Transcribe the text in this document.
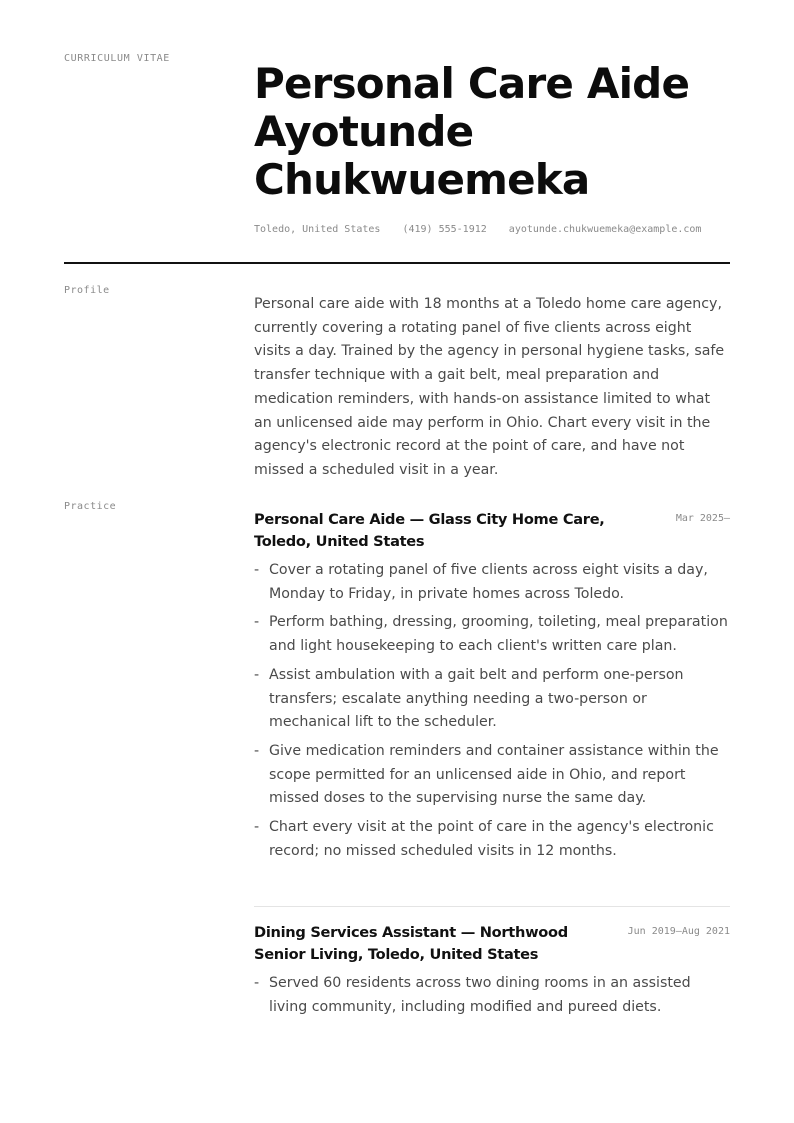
CURRICULUM VITAE
Personal Care Aide
Ayotunde
Chukwuemeka
Toledo, United States (419) 555-1912 ayotunde.chukwuemeka@example.com
Profile

Personal care aide with 18 months at a Toledo home care agency, currently covering a rotating panel of five clients across eight visits a day. Trained by the agency in personal hygiene tasks, safe transfer technique with a gait belt, meal preparation and medication reminders, with hands-on assistance limited to what an unlicensed aide may perform in Ohio. Chart every visit in the agency's electronic record at the point of care, and have not missed a scheduled visit in a year.

Practice
Personal Care Aide — Glass City Home Care, Toledo, United States
Mar 2025–
- Cover a rotating panel of five clients across eight visits a day, Monday to Friday, in private homes across Toledo.
- Perform bathing, dressing, grooming, toileting, meal preparation and light housekeeping to each client's written care plan.
- Assist ambulation with a gait belt and perform one-person transfers; escalate anything needing a two-person or mechanical lift to the scheduler.
- Give medication reminders and container assistance within the scope permitted for an unlicensed aide in Ohio, and report missed doses to the supervising nurse the same day.
- Chart every visit at the point of care in the agency's electronic record; no missed scheduled visits in 12 months.
Dining Services Assistant — Northwood Senior Living, Toledo, United States
Jun 2019–Aug 2021
- Served 60 residents across two dining rooms in an assisted living community, including modified and pureed diets.
